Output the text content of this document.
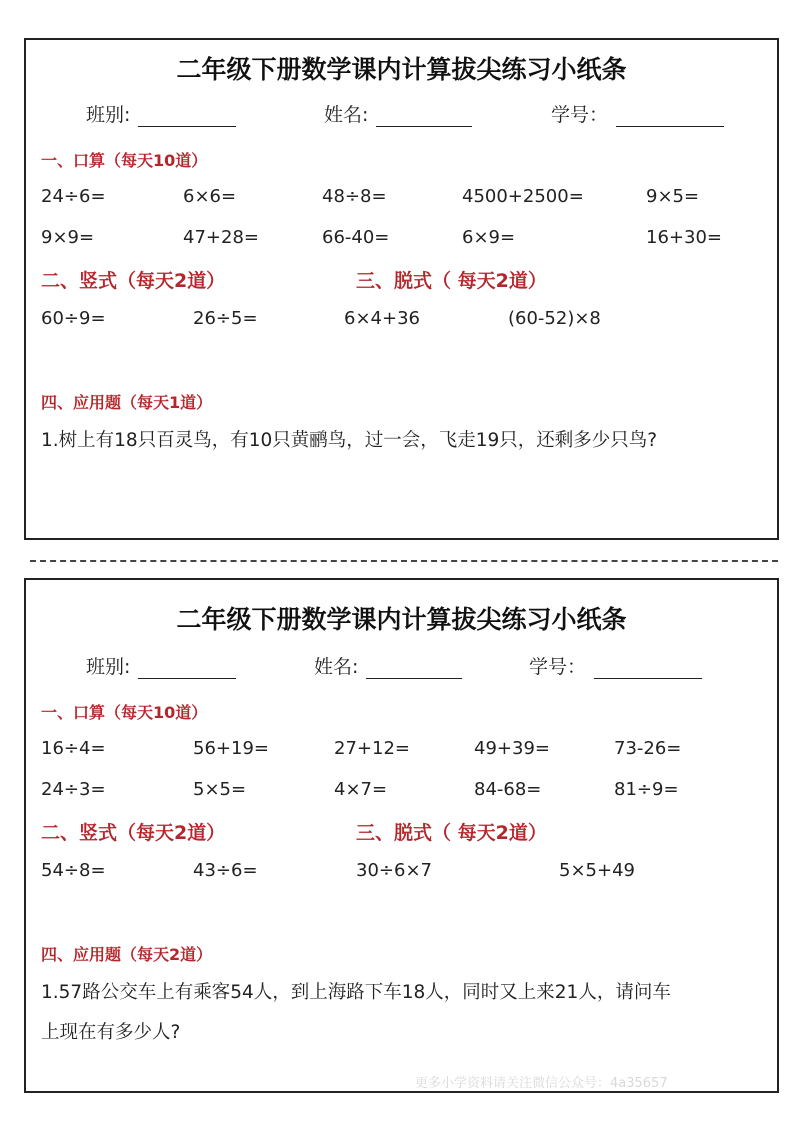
二年级下册数学课内计算拔尖练习小纸条
班别:	姓名:	学号：
一、口算（每天10道）
24÷6=	6×6=	48÷8=	4500+2500=	9×5=
9×9=	47+28=	66-40=	6×9=	16+30=
二、竖式（每天2道）	三、脱式（ 每天2道）
60÷9=	26÷5=	6×4+36	(60-52)×8
四、应用题（每天1道）
1.树上有18只百灵鸟，有10只黄鹂鸟，过一会，飞走19只，还剩多少只鸟?
二年级下册数学课内计算拔尖练习小纸条
班别:	姓名:	学号：
一、口算（每天10道）
16÷4=	56+19=	27+12=	49+39=	73-26=
24÷3=	5×5=	4×7=	84-68=	81÷9=
二、竖式（每天2道）	三、脱式（ 每天2道）
54÷8=	43÷6=	30÷6×7	5×5+49
四、应用题（每天2道）
1.57路公交车上有乘客54人，到上海路下车18人，同时又上来21人，请问车
上现在有多少人?
更多小学资料请关注微信公众号：4a35657
